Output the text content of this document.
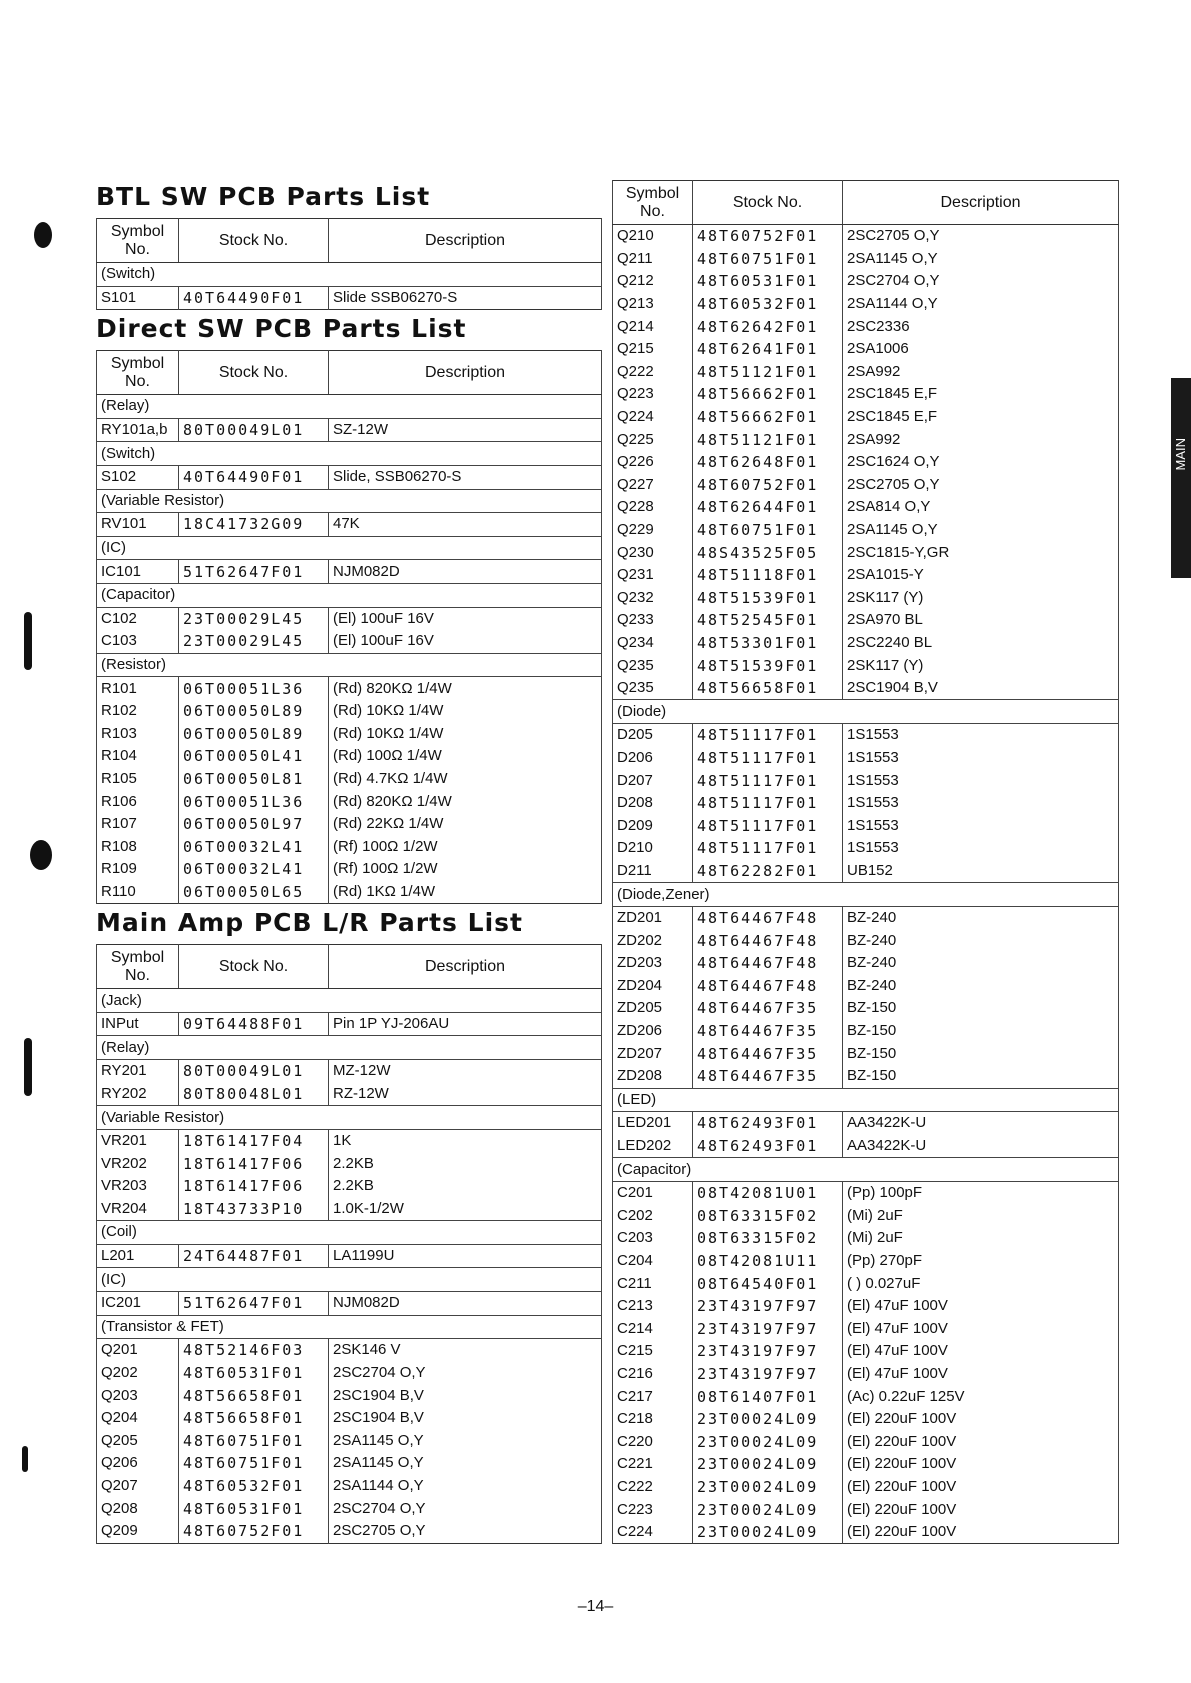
BTL SW PCB Parts List
Symbol No.	Stock No.	Description
(Switch)		
S101	40T64490F01	Slide SSB06270-S
Direct SW PCB Parts List
Symbol No.	Stock No.	Description
(Relay)		
RY101a,b	80T00049L01	SZ-12W
(Switch)		
S102	40T64490F01	Slide, SSB06270-S
(Variable Resistor)		
RV101	18C41732G09	47K
(IC)		
IC101	51T62647F01	NJM082D
(Capacitor)		
C102	23T00029L45	(El) 100uF 16V
C103	23T00029L45	(El) 100uF 16V
(Resistor)		
R101	06T00051L36	(Rd) 820KΩ 1/4W
R102	06T00050L89	(Rd) 10KΩ 1/4W
R103	06T00050L89	(Rd) 10KΩ 1/4W
R104	06T00050L41	(Rd) 100Ω 1/4W
R105	06T00050L81	(Rd) 4.7KΩ 1/4W
R106	06T00051L36	(Rd) 820KΩ 1/4W
R107	06T00050L97	(Rd) 22KΩ 1/4W
R108	06T00032L41	(Rf) 100Ω 1/2W
R109	06T00032L41	(Rf) 100Ω 1/2W
R110	06T00050L65	(Rd) 1KΩ 1/4W
Main Amp PCB L/R Parts List
Symbol No.	Stock No.	Description
(Jack)		
INPut	09T64488F01	Pin 1P YJ-206AU
(Relay)		
RY201	80T00049L01	MZ-12W
RY202	80T80048L01	RZ-12W
(Variable Resistor)		
VR201	18T61417F04	1K
VR202	18T61417F06	2.2KB
VR203	18T61417F06	2.2KB
VR204	18T43733P10	1.0K-1/2W
(Coil)		
L201	24T64487F01	LA1199U
(IC)		
IC201	51T62647F01	NJM082D
(Transistor & FET)		
Q201	48T52146F03	2SK146 V
Q202	48T60531F01	2SC2704 O,Y
Q203	48T56658F01	2SC1904 B,V
Q204	48T56658F01	2SC1904 B,V
Q205	48T60751F01	2SA1145 O,Y
Q206	48T60751F01	2SA1145 O,Y
Q207	48T60532F01	2SA1144 O,Y
Q208	48T60531F01	2SC2704 O,Y
Q209	48T60752F01	2SC2705 O,Y
Symbol No.	Stock No.	Description
Q210	48T60752F01	2SC2705 O,Y
Q211	48T60751F01	2SA1145 O,Y
Q212	48T60531F01	2SC2704 O,Y
Q213	48T60532F01	2SA1144 O,Y
Q214	48T62642F01	2SC2336
Q215	48T62641F01	2SA1006
Q222	48T51121F01	2SA992
Q223	48T56662F01	2SC1845 E,F
Q224	48T56662F01	2SC1845 E,F
Q225	48T51121F01	2SA992
Q226	48T62648F01	2SC1624 O,Y
Q227	48T60752F01	2SC2705 O,Y
Q228	48T62644F01	2SA814 O,Y
Q229	48T60751F01	2SA1145 O,Y
Q230	48S43525F05	2SC1815-Y,GR
Q231	48T51118F01	2SA1015-Y
Q232	48T51539F01	2SK117 (Y)
Q233	48T52545F01	2SA970 BL
Q234	48T53301F01	2SC2240 BL
Q235	48T51539F01	2SK117 (Y)
Q235	48T56658F01	2SC1904 B,V
(Diode)		
D205	48T51117F01	1S1553
D206	48T51117F01	1S1553
D207	48T51117F01	1S1553
D208	48T51117F01	1S1553
D209	48T51117F01	1S1553
D210	48T51117F01	1S1553
D211	48T62282F01	UB152
(Diode,Zener)		
ZD201	48T64467F48	BZ-240
ZD202	48T64467F48	BZ-240
ZD203	48T64467F48	BZ-240
ZD204	48T64467F48	BZ-240
ZD205	48T64467F35	BZ-150
ZD206	48T64467F35	BZ-150
ZD207	48T64467F35	BZ-150
ZD208	48T64467F35	BZ-150
(LED)		
LED201	48T62493F01	AA3422K-U
LED202	48T62493F01	AA3422K-U
(Capacitor)		
C201	08T42081U01	(Pp) 100pF
C202	08T63315F02	(Mi) 2uF
C203	08T63315F02	(Mi) 2uF
C204	08T42081U11	(Pp) 270pF
C211	08T64540F01	( ) 0.027uF
C213	23T43197F97	(El) 47uF 100V
C214	23T43197F97	(El) 47uF 100V
C215	23T43197F97	(El) 47uF 100V
C216	23T43197F97	(El) 47uF 100V
C217	08T61407F01	(Ac) 0.22uF 125V
C218	23T00024L09	(El) 220uF 100V
C220	23T00024L09	(El) 220uF 100V
C221	23T00024L09	(El) 220uF 100V
C222	23T00024L09	(El) 220uF 100V
C223	23T00024L09	(El) 220uF 100V
C224	23T00024L09	(El) 220uF 100V
–14–
MAIN
